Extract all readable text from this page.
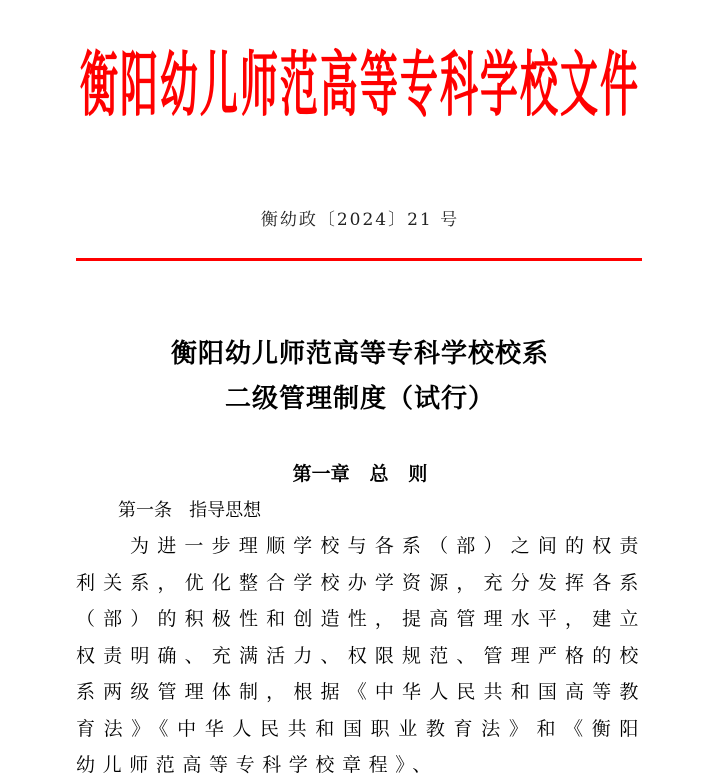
衡阳幼儿师范高等专科学校文件
衡幼政〔2024〕21 号
衡阳幼儿师范高等专科学校校系
二级管理制度（试行）
第一章   总   则
第一条   指导思想
为进一步理顺学校与各系（部）之间的权责利关系，优化整合学校办学资源，充分发挥各系（部）的积极性和创造性，提高管理水平，建立权责明确、充满活力、权限规范、管理严格的校系两级管理体制，根据《中华人民共和国高等教育法》《中华人民共和国职业教育法》和《衡阳幼儿师范高等专科学校章程》、
